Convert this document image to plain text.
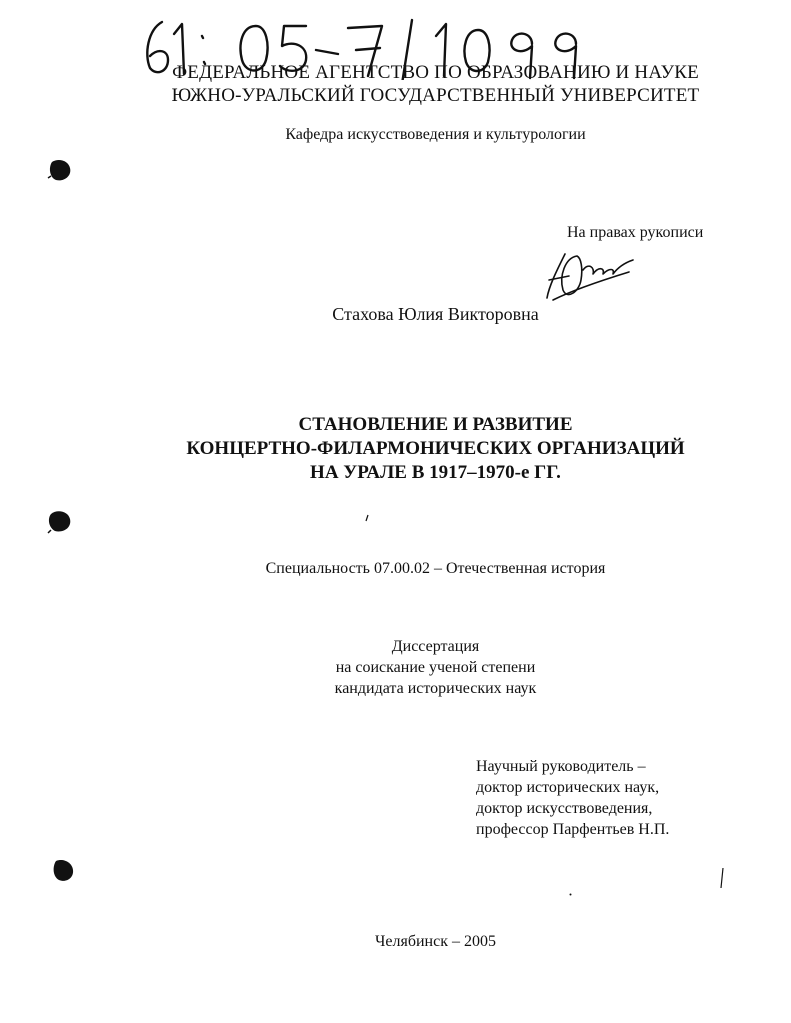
ФЕДЕРАЛЬНОЕ АГЕНТСТВО ПО ОБРАЗОВАНИЮ И НАУКЕ
ЮЖНО-УРАЛЬСКИЙ ГОСУДАРСТВЕННЫЙ УНИВЕРСИТЕТ
Кафедра искусствоведения и культурологии
На правах рукописи
Стахова Юлия Викторовна
СТАНОВЛЕНИЕ И РАЗВИТИЕ
КОНЦЕРТНО-ФИЛАРМОНИЧЕСКИХ ОРГАНИЗАЦИЙ
НА УРАЛЕ В 1917–1970-е ГГ.
Специальность 07.00.02 – Отечественная история
Диссертация
на соискание ученой степени
кандидата исторических наук
Научный руководитель –
доктор исторических наук,
доктор искусствоведения,
профессор Парфентьев Н.П.
Челябинск – 2005
